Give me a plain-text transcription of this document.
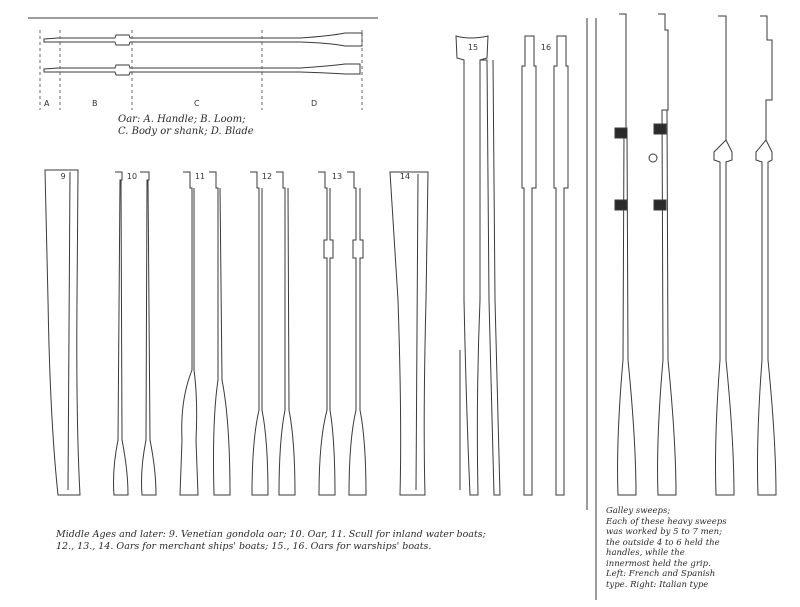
A	B	C	D
Oar: A. Handle; B. Loom;
C. Body or shank; D. Blade
9	10	11	12	13	14
15	16
Middle Ages and later: 9. Venetian gondola oar; 10. Oar, 11. Scull for inland water boats;
12., 13., 14. Oars for merchant ships' boats; 15., 16. Oars for warships' boats.
Galley sweeps;
Each of these heavy sweeps
was worked by 5 to 7 men;
the outside 4 to 6 held the
handles, while the
innermost held the grip.
Left: French and Spanish
type. Right: Italian type
